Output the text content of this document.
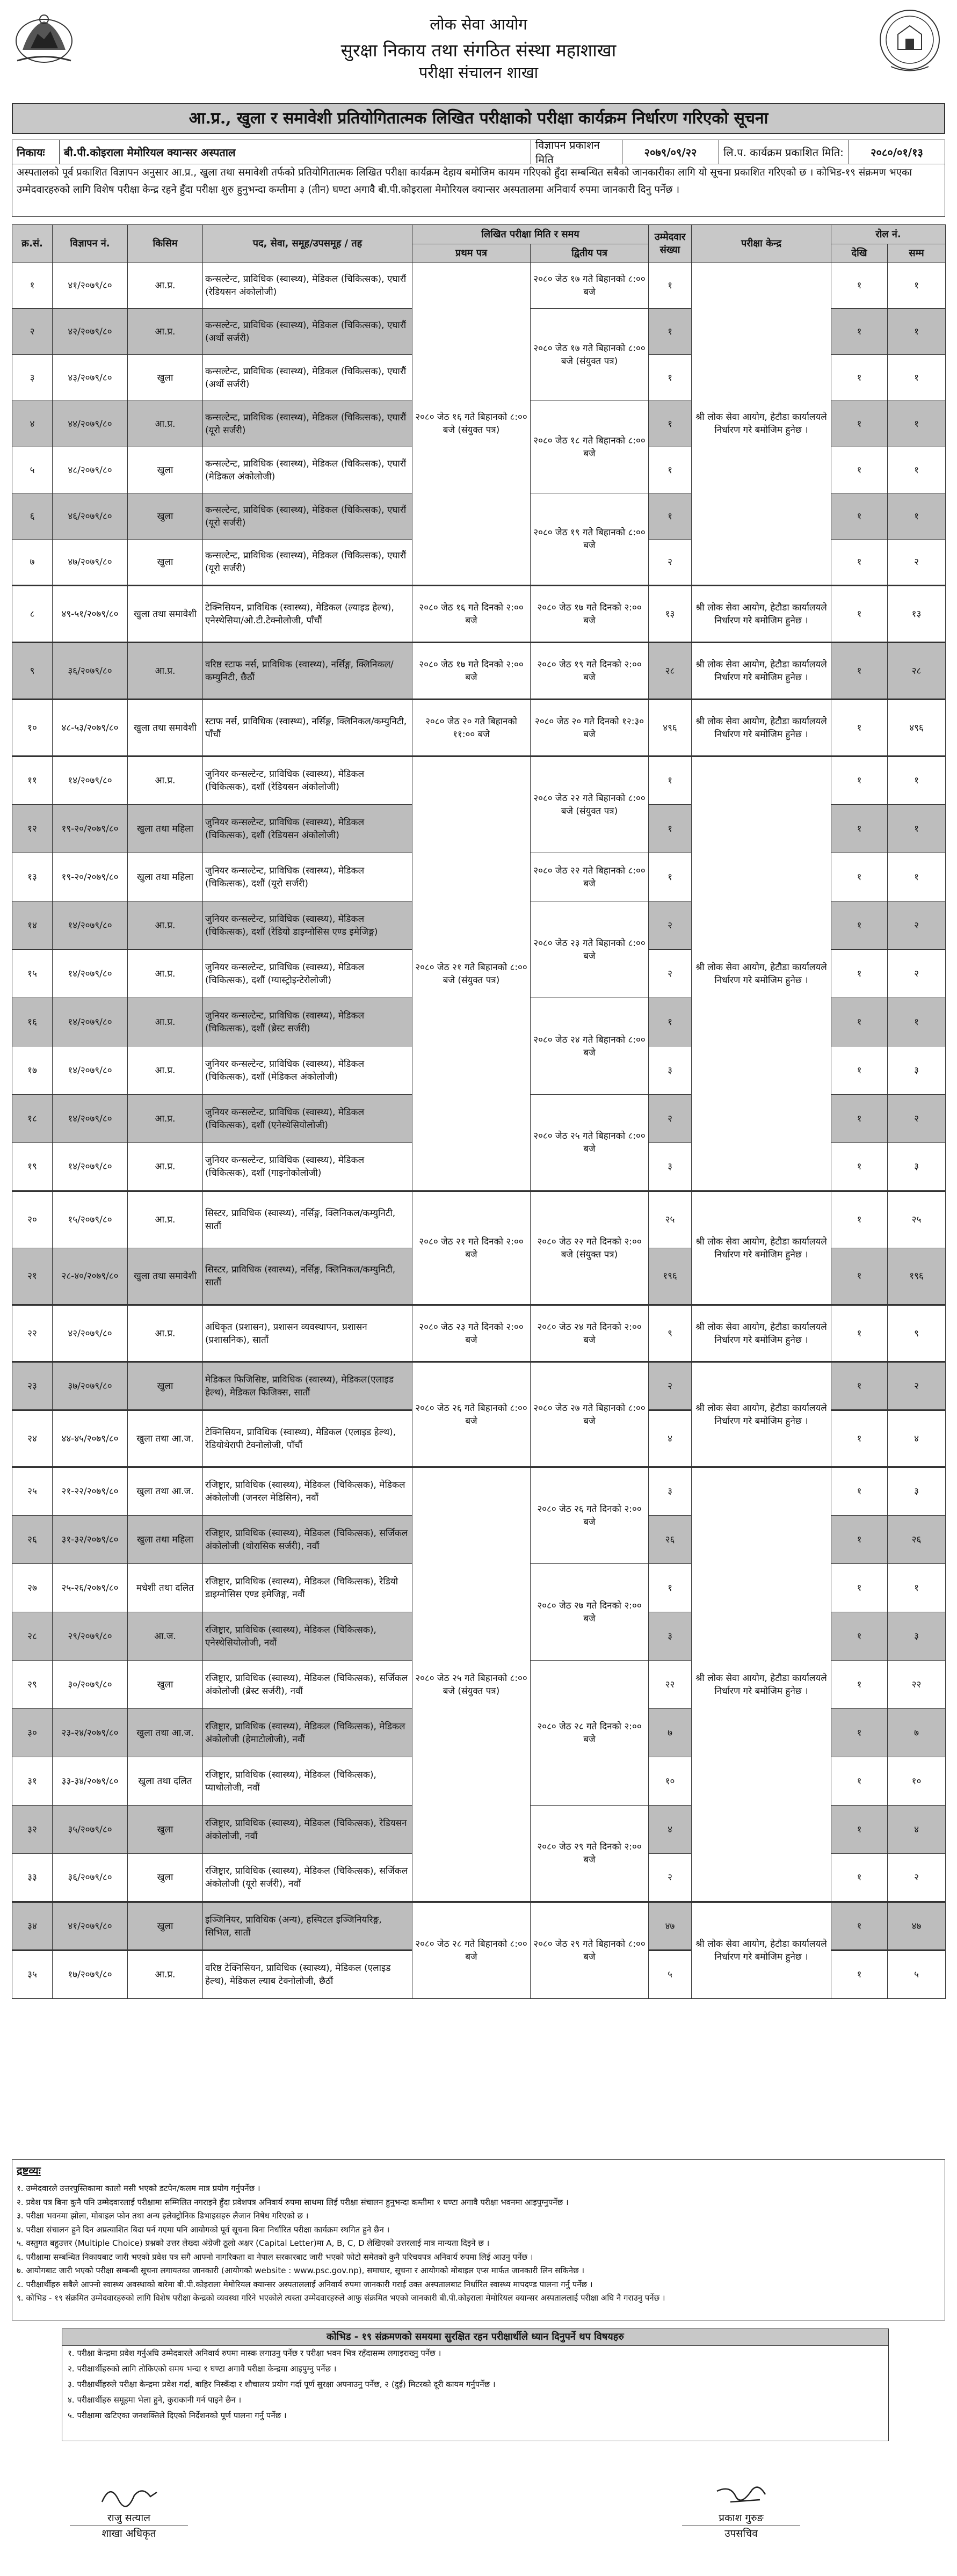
लोक सेवा आयोग
सुरक्षा निकाय तथा संगठित संस्था महाशाखा
परीक्षा संचालन शाखा
आ.प्र., खुला र समावेशी प्रतियोगितात्मक लिखित परीक्षाको परीक्षा कार्यक्रम निर्धारण गरिएको सूचना
निकायः	बी.पी.कोइराला मेमोरियल क्यान्सर अस्पताल
विज्ञापन प्रकाशन मिति
२०७९/०९/२२	लि.प. कार्यक्रम प्रकाशित मिति:	२०८०/०१/१३
अस्पतालको पूर्व प्रकाशित विज्ञापन अनुसार आ.प्र., खुला तथा समावेशी तर्फको प्रतियोगितात्मक लिखित परीक्षा कार्यक्रम देहाय बमोजिम कायम गरिएको हुँदा सम्बन्धित सबैको जानकारीका लागि यो सूचना प्रकाशित गरिएको छ । कोभिड-१९ संक्रमण भएका उम्मेदवारहरुको लागि विशेष परीक्षा केन्द्र रहने हुँदा परीक्षा शुरु हुनुभन्दा कम्तीमा ३ (तीन) घण्टा अगावै बी.पी.कोइराला मेमोरियल क्यान्सर अस्पतालमा अनिवार्य रुपमा जानकारी दिनु पर्नेछ ।
क्र.सं.	विज्ञापन नं.	किसिम	पद, सेवा, समूह/उपसमूह / तह	लिखित परीक्षा मिति र समय		उम्मेदवार संख्या	परीक्षा केन्द्र	रोल नं.	
				प्रथम पत्र	द्वितीय पत्र			देखि	सम्म
१	४१/२०७९/८०	आ.प्र.	कन्सल्टेन्ट, प्राविधिक (स्वास्थ्य), मेडिकल (चिकित्सक), एघारौं (रेडियसन अंकोलोजी)	२०८० जेठ १६ गते बिहानको ८:०० बजे (संयुक्त पत्र)	२०८० जेठ १७ गते बिहानको ८:०० बजे	१	श्री लोक सेवा आयोग, हेटौडा कार्यालयले निर्धारण गरे बमोजिम हुनेछ ।	१	१
२	४२/२०७९/८०	आ.प्र.	कन्सल्टेन्ट, प्राविधिक (स्वास्थ्य), मेडिकल (चिकित्सक), एघारौं (अर्थो सर्जरी)		२०८० जेठ १७ गते बिहानको ८:०० बजे (संयुक्त पत्र)	१		१	१
३	४३/२०७९/८०	खुला	कन्सल्टेन्ट, प्राविधिक (स्वास्थ्य), मेडिकल (चिकित्सक), एघारौं (अर्थो सर्जरी)			१		१	१
४	४४/२०७९/८०	आ.प्र.	कन्सल्टेन्ट, प्राविधिक (स्वास्थ्य), मेडिकल (चिकित्सक), एघारौं (यूरो सर्जरी)		२०८० जेठ १८ गते बिहानको ८:०० बजे	१		१	१
५	४८/२०७९/८०	खुला	कन्सल्टेन्ट, प्राविधिक (स्वास्थ्य), मेडिकल (चिकित्सक), एघारौं (मेडिकल अंकोलोजी)			१		१	१
६	४६/२०७९/८०	खुला	कन्सल्टेन्ट, प्राविधिक (स्वास्थ्य), मेडिकल (चिकित्सक), एघारौं (यूरो सर्जरी)		२०८० जेठ १९ गते बिहानको ८:०० बजे	१		१	१
७	४७/२०७९/८०	खुला	कन्सल्टेन्ट, प्राविधिक (स्वास्थ्य), मेडिकल (चिकित्सक), एघारौं (यूरो सर्जरी)			२		१	२
८	४९-५१/२०७९/८०	खुला तथा समावेशी	टेक्निसियन, प्राविधिक (स्वास्थ्य), मेडिकल (ल्याइड हेल्थ), एनेस्थेसिया/ओ.टी.टेक्नोलोजी, पाँचौं	२०८० जेठ १६ गते दिनको २:०० बजे	२०८० जेठ १७ गते दिनको २:०० बजे	१३	श्री लोक सेवा आयोग, हेटौडा कार्यालयले निर्धारण गरे बमोजिम हुनेछ ।	१	१३
९	३६/२०७९/८०	आ.प्र.	वरिष्ठ स्टाफ नर्स, प्राविधिक (स्वास्थ्य), नर्सिङ्ग, क्लिनिकल/कम्युनिटी, छैठौं	२०८० जेठ १७ गते दिनको २:०० बजे	२०८० जेठ १९ गते दिनको २:०० बजे	२८	श्री लोक सेवा आयोग, हेटौडा कार्यालयले निर्धारण गरे बमोजिम हुनेछ ।	१	२८
१०	४८-५३/२०७९/८०	खुला तथा समावेशी	स्टाफ नर्स, प्राविधिक (स्वास्थ्य), नर्सिङ्ग, क्लिनिकल/कम्युनिटी, पाँचौं	२०८० जेठ २० गते बिहानको ११:०० बजे	२०८० जेठ २० गते दिनको १२:३० बजे	४९६	श्री लोक सेवा आयोग, हेटौडा कार्यालयले निर्धारण गरे बमोजिम हुनेछ ।	१	४९६
११	१४/२०७९/८०	आ.प्र.	जुनियर कन्सल्टेन्ट, प्राविधिक (स्वास्थ्य), मेडिकल (चिकित्सक), दशौं (रेडियसन अंकोलोजी)	२०८० जेठ २१ गते बिहानको ८:०० बजे (संयुक्त पत्र)	२०८० जेठ २२ गते बिहानको ८:०० बजे (संयुक्त पत्र)	१	श्री लोक सेवा आयोग, हेटौडा कार्यालयले निर्धारण गरे बमोजिम हुनेछ ।	१	१
१२	१९-२०/२०७९/८०	खुला तथा महिला	जुनियर कन्सल्टेन्ट, प्राविधिक (स्वास्थ्य), मेडिकल (चिकित्सक), दशौं (रेडियसन अंकोलोजी)			१		१	१
१३	१९-२०/२०७९/८०	खुला तथा महिला	जुनियर कन्सल्टेन्ट, प्राविधिक (स्वास्थ्य), मेडिकल (चिकित्सक), दशौं (यूरो सर्जरी)		२०८० जेठ २२ गते बिहानको ८:०० बजे	१		१	१
१४	१४/२०७९/८०	आ.प्र.	जुनियर कन्सल्टेन्ट, प्राविधिक (स्वास्थ्य), मेडिकल (चिकित्सक), दशौं (रेडियो डाइग्नोसिस एण्ड इमेजिङ्ग)		२०८० जेठ २३ गते बिहानको ८:०० बजे	२		१	२
१५	१४/२०७९/८०	आ.प्र.	जुनियर कन्सल्टेन्ट, प्राविधिक (स्वास्थ्य), मेडिकल (चिकित्सक), दशौं (ग्यास्ट्रोइन्टेरोलोजी)			२		१	२
१६	१४/२०७९/८०	आ.प्र.	जुनियर कन्सल्टेन्ट, प्राविधिक (स्वास्थ्य), मेडिकल (चिकित्सक), दशौं (ब्रेस्ट सर्जरी)		२०८० जेठ २४ गते बिहानको ८:०० बजे	१		१	१
१७	१४/२०७९/८०	आ.प्र.	जुनियर कन्सल्टेन्ट, प्राविधिक (स्वास्थ्य), मेडिकल (चिकित्सक), दशौं (मेडिकल अंकोलोजी)			३		१	३
१८	१४/२०७९/८०	आ.प्र.	जुनियर कन्सल्टेन्ट, प्राविधिक (स्वास्थ्य), मेडिकल (चिकित्सक), दशौं (एनेस्थेसियोलोजी)		२०८० जेठ २५ गते बिहानको ८:०० बजे	२		१	२
१९	१४/२०७९/८०	आ.प्र.	जुनियर कन्सल्टेन्ट, प्राविधिक (स्वास्थ्य), मेडिकल (चिकित्सक), दशौं (गाइनोकोलोजी)			३		१	३
२०	१५/२०७९/८०	आ.प्र.	सिस्टर, प्राविधिक (स्वास्थ्य), नर्सिङ्ग, क्लिनिकल/कम्युनिटी, सातौं	२०८० जेठ २१ गते दिनको २:०० बजे	२०८० जेठ २२ गते दिनको २:०० बजे (संयुक्त पत्र)	२५	श्री लोक सेवा आयोग, हेटौडा कार्यालयले निर्धारण गरे बमोजिम हुनेछ ।	१	२५
२१	२८-४०/२०७९/८०	खुला तथा समावेशी	सिस्टर, प्राविधिक (स्वास्थ्य), नर्सिङ्ग, क्लिनिकल/कम्युनिटी, सातौं			१९६		१	१९६
२२	४२/२०७९/८०	आ.प्र.	अधिकृत (प्रशासन), प्रशासन व्यवस्थापन, प्रशासन (प्रशासनिक), सातौं	२०८० जेठ २३ गते दिनको २:०० बजे	२०८० जेठ २४ गते दिनको २:०० बजे	९	श्री लोक सेवा आयोग, हेटौडा कार्यालयले निर्धारण गरे बमोजिम हुनेछ ।	१	९
२३	३७/२०७९/८०	खुला	मेडिकल फिजिसिष्ट, प्राविधिक (स्वास्थ्य), मेडिकल(एलाइड हेल्थ), मेडिकल फिजिक्स, सातौं	२०८० जेठ २६ गते बिहानको ८:०० बजे	२०८० जेठ २७ गते बिहानको ८:०० बजे	२	श्री लोक सेवा आयोग, हेटौडा कार्यालयले निर्धारण गरे बमोजिम हुनेछ ।	१	२
२४	४४-४५/२०७९/८०	खुला तथा आ.ज.	टेक्निसियन, प्राविधिक (स्वास्थ्य), मेडिकल (एलाइड हेल्थ), रेडियोथेरापी टेक्नोलोजी, पाँचौं			४		१	४
२५	२१-२२/२०७९/८०	खुला तथा आ.ज.	रजिष्ट्रार, प्राविधिक (स्वास्थ्य), मेडिकल (चिकित्सक), मेडिकल अंकोलोजी (जनरल मेडिसिन), नवौं	२०८० जेठ २५ गते बिहानको ८:०० बजे (संयुक्त पत्र)	२०८० जेठ २६ गते दिनको २:०० बजे	३	श्री लोक सेवा आयोग, हेटौडा कार्यालयले निर्धारण गरे बमोजिम हुनेछ ।	१	३
२६	३१-३२/२०७९/८०	खुला तथा महिला	रजिष्ट्रार, प्राविधिक (स्वास्थ्य), मेडिकल (चिकित्सक), सर्जिकल अंकोलोजी (थोरासिक सर्जरी), नवौं			२६		१	२६
२७	२५-२६/२०७९/८०	मधेशी तथा दलित	रजिष्ट्रार, प्राविधिक (स्वास्थ्य), मेडिकल (चिकित्सक), रेडियो डाइग्नोसिस एण्ड इमेजिङ्ग, नवौं		२०८० जेठ २७ गते दिनको २:०० बजे	१		१	१
२८	२९/२०७९/८०	आ.ज.	रजिष्ट्रार, प्राविधिक (स्वास्थ्य), मेडिकल (चिकित्सक), एनेस्थेसियोलोजी, नवौं			३		१	३
२९	३०/२०७९/८०	खुला	रजिष्ट्रार, प्राविधिक (स्वास्थ्य), मेडिकल (चिकित्सक), सर्जिकल अंकोलोजी (ब्रेस्ट सर्जरी), नवौं		२०८० जेठ २८ गते दिनको २:०० बजे	२२		१	२२
३०	२३-२४/२०७९/८०	खुला तथा आ.ज.	रजिष्ट्रार, प्राविधिक (स्वास्थ्य), मेडिकल (चिकित्सक), मेडिकल अंकोलोजी (हेमाटोलोजी), नवौं			७		१	७
३१	३३-३४/२०७९/८०	खुला तथा दलित	रजिष्ट्रार, प्राविधिक (स्वास्थ्य), मेडिकल (चिकित्सक), प्याथोलोजी, नवौं			१०		१	१०
३२	३५/२०७९/८०	खुला	रजिष्ट्रार, प्राविधिक (स्वास्थ्य), मेडिकल (चिकित्सक), रेडियसन अंकोलोजी, नवौं		२०८० जेठ २९ गते दिनको २:०० बजे	४		१	४
३३	३६/२०७९/८०	खुला	रजिष्ट्रार, प्राविधिक (स्वास्थ्य), मेडिकल (चिकित्सक), सर्जिकल अंकोलोजी (यूरो सर्जरी), नवौं			२		१	२
३४	४१/२०७९/८०	खुला	इञ्जिनियर, प्राविधिक (अन्य), हस्पिटल इञ्जिनियरिङ्ग, सिभिल, सातौं	२०८० जेठ २८ गते बिहानको ८:०० बजे	२०८० जेठ २९ गते बिहानको ८:०० बजे	४७	श्री लोक सेवा आयोग, हेटौडा कार्यालयले निर्धारण गरे बमोजिम हुनेछ ।	१	४७
३५	१७/२०७९/८०	आ.प्र.	वरिष्ठ टेक्निसियन, प्राविधिक (स्वास्थ्य), मेडिकल (एलाइड हेल्थ), मेडिकल ल्याब टेक्नोलोजी, छैठौं			५		१	५
द्रष्टव्यः
१. उम्मेदवारले उत्तरपुस्तिकामा कालो मसी भएको डटपेन/कलम मात्र प्रयोग गर्नुपर्नेछ ।
२. प्रवेश पत्र बिना कुनै पनि उम्मेदवारलाई परीक्षामा सम्मिलित नगराइने हुँदा प्रवेशपत्र अनिवार्य रुपमा साथमा लिई परीक्षा संचालन हुनुभन्दा कम्तीमा १ घण्टा अगावै परीक्षा भवनमा आइपुग्नुपर्नेछ ।
३. परीक्षा भवनमा झोला, मोबाइल फोन तथा अन्य इलेक्ट्रोनिक डिभाइसहरु लैजान निषेध गरिएको छ ।
४. परीक्षा संचालन हुने दिन अप्रत्याशित बिदा पर्न गएमा पनि आयोगको पूर्व सूचना बिना निर्धारित परीक्षा कार्यक्रम स्थगित हुने छैन ।
५. वस्तुगत बहुउत्तर (Multiple Choice) प्रश्नको उत्तर लेख्दा अंग्रेजी ठूलो अक्षर (Capital Letter)मा A, B, C, D लेखिएको उत्तरलाई मात्र मान्यता दिइने छ ।
६. परीक्षामा सम्बन्धित निकायबाट जारी भएको प्रवेश पत्र सगै आफ्नो नागरिकता वा नेपाल सरकारबाट जारी भएको फोटो समेतको कुनै परिचयपत्र अनिवार्य रुपमा लिई आउनु पर्नेछ ।
७. आयोगबाट जारी भएको परीक्षा सम्बन्धी सूचना लगायतका जानकारी (आयोगको website : www.psc.gov.np), समाचार, सूचना र आयोगको मोबाइल एप्स मार्फत जानकारी लिन सकिनेछ ।
८. परीक्षार्थीहरु सबैले आफ्नो स्वास्थ्य अवस्थाको बारेमा बी.पी.कोइराला मेमोरियल क्यान्सर अस्पताललाई अनिवार्य रुपमा जानकारी गराई उक्त अस्पतालबाट निर्धारित स्वास्थ्य मापदण्ड पालना गर्नु पर्नेछ ।
९. कोभिड - १९ संक्रमित उम्मेदवारहरुको लागि विशेष परीक्षा केन्द्रको व्यवस्था गरिने भएकोले त्यस्ता उम्मेदवारहरुले आफु संक्रमित भएको जानकारी बी.पी.कोइराला मेमोरियल क्यान्सर अस्पताललाई परीक्षा अघि नै गराउनु पर्नेछ ।
कोभिड - १९ संक्रमणको समयमा सुरक्षित रहन परीक्षार्थीले ध्यान दिनुपर्ने थप विषयहरु
१. परीक्षा केन्द्रमा प्रवेश गर्नुअघि उम्मेदवारले अनिवार्य रुपमा मास्क लगाउनु पर्नेछ र परीक्षा भवन भित्र रहँदासम्म लगाइराख्नु पर्नेछ ।
२. परीक्षार्थीहरुको लागि तोकिएको समय भन्दा १ घण्टा अगावै परीक्षा केन्द्रमा आइपुग्नु पर्नेछ ।
३. परीक्षार्थीहरुले परीक्षा केन्द्रमा प्रवेश गर्दा, बाहिर निस्कँदा र शौचालय प्रयोग गर्दा पूर्ण सुरक्षा अपनाउनु पर्नेछ, २ (दुई) मिटरको दूरी कायम गर्नुपर्नेछ ।
४. परीक्षार्थीहरु समूहमा भेला हुने, कुराकानी गर्न पाइने छैन ।
५. परीक्षामा खटिएका जनशक्तिले दिएको निर्देशनको पूर्ण पालना गर्नु पर्नेछ ।
राजु सत्याल
शाखा अधिकृत
प्रकाश गुरुङ
उपसचिव
